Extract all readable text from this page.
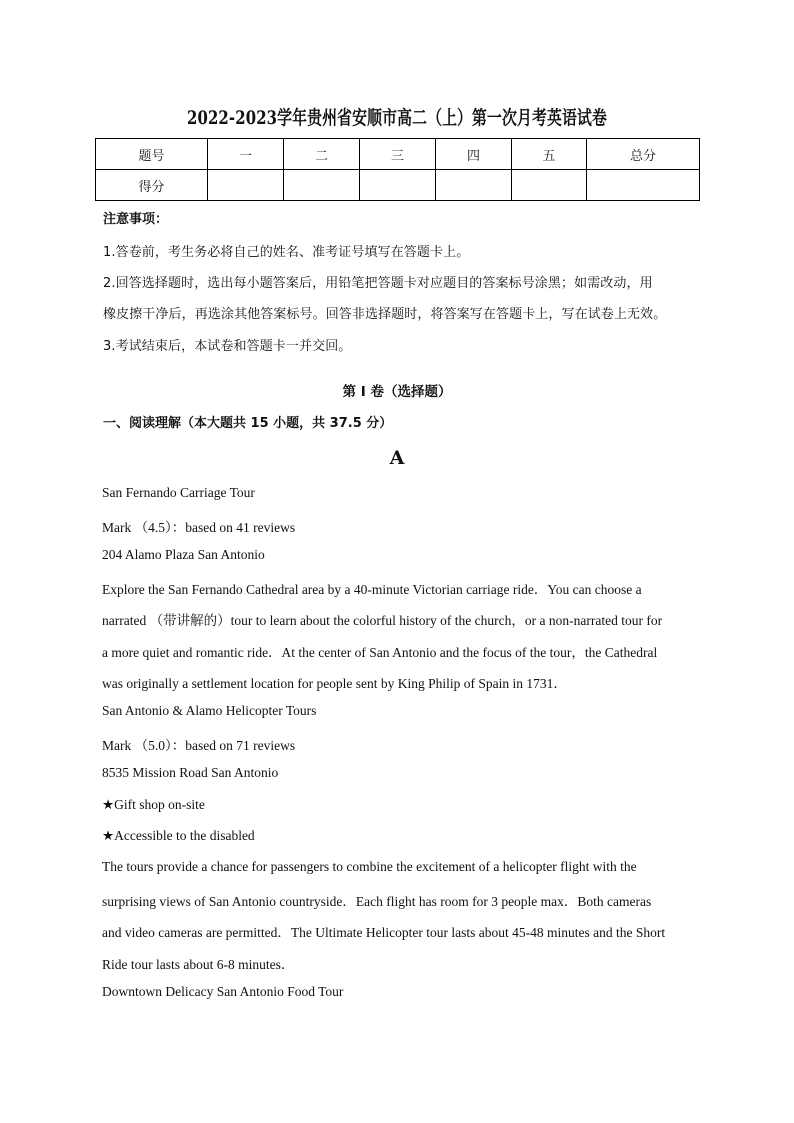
2022-2023学年贵州省安顺市高二（上）第一次月考英语试卷
题号	一	二	三	四	五	总分
得分						
注意事项：
1.答卷前，考生务必将自己的姓名、准考证号填写在答题卡上。
2.回答选择题时，选出每小题答案后，用铅笔把答题卡对应题目的答案标号涂黑；如需改动，用
橡皮擦干净后，再选涂其他答案标号。回答非选择题时，将答案写在答题卡上，写在试卷上无效。
3.考试结束后，本试卷和答题卡一并交回。
第 I 卷（选择题）
一、阅读理解（本大题共 15 小题，共 37.5 分）
A
San Fernando Carriage Tour
Mark （4.5）：based on 41 reviews
204 Alamo Plaza San Antonio
Explore the San Fernando Cathedral area by a 40-minute Victorian carriage ride．You can choose a
narrated （带讲解的）tour to learn about the colorful history of the church，or a non-narrated tour for
a more quiet and romantic ride．At the center of San Antonio and the focus of the tour，the Cathedral
was originally a settlement location for people sent by King Philip of Spain in 1731．
San Antonio & Alamo Helicopter Tours
Mark （5.0）：based on 71 reviews
8535 Mission Road San Antonio
★Gift shop on-site
★Accessible to the disabled
The tours provide a chance for passengers to combine the excitement of a helicopter flight with the
surprising views of San Antonio countryside．Each flight has room for 3 people max．Both cameras
and video cameras are permitted．The Ultimate Helicopter tour lasts about 45-48 minutes and the Short
Ride tour lasts about 6-8 minutes．
Downtown Delicacy San Antonio Food Tour
